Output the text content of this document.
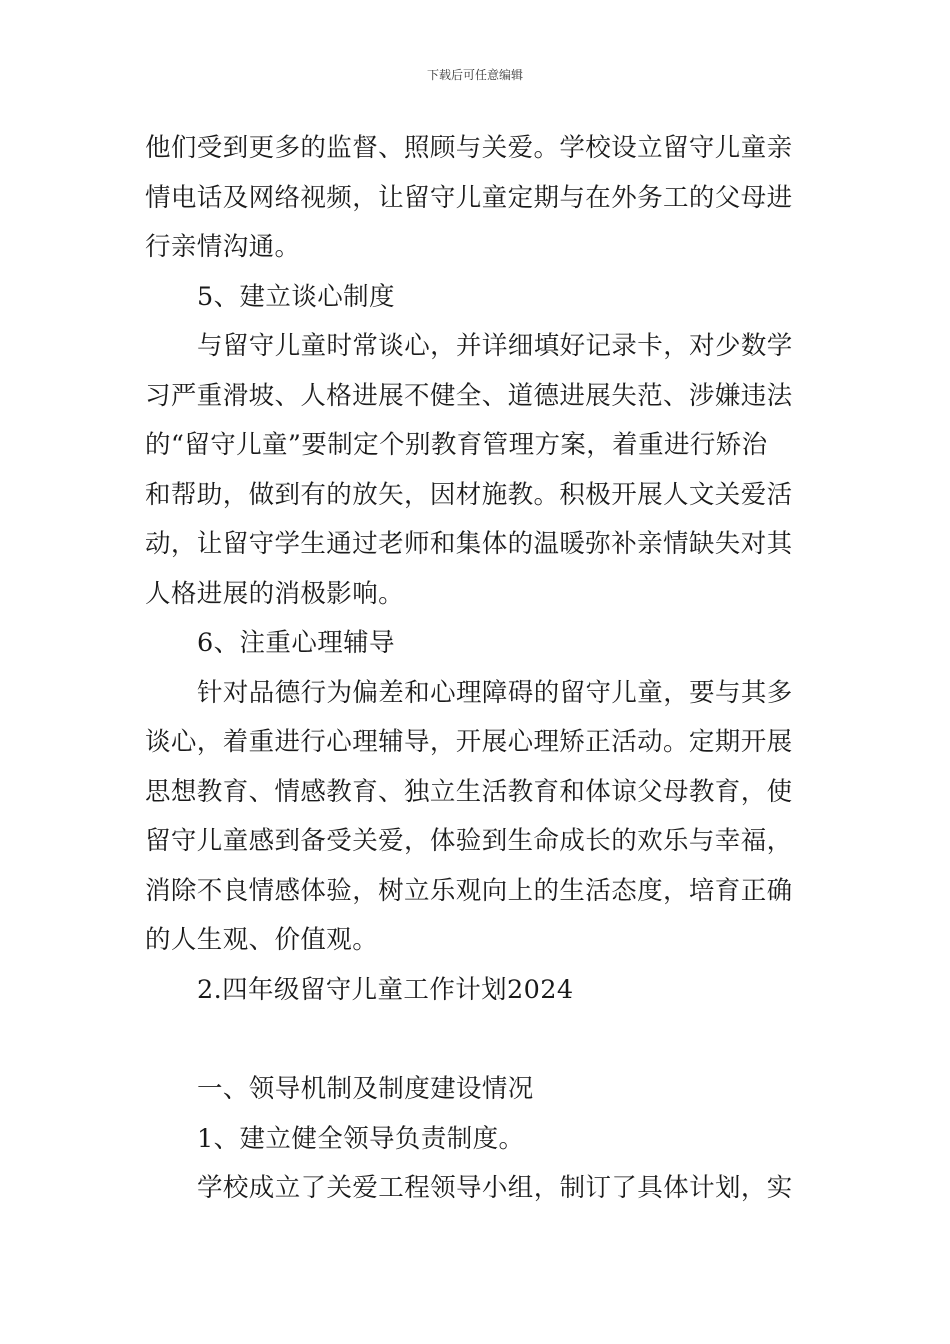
下载后可任意编辑
他们受到更多的监督、照顾与关爱。学校设立留守儿童亲
情电话及网络视频，让留守儿童定期与在外务工的父母进
行亲情沟通。
5、建立谈心制度
与留守儿童时常谈心，并详细填好记录卡，对少数学
习严重滑坡、人格进展不健全、道德进展失范、涉嫌违法
的“留守儿童”要制定个别教育管理方案，着重进行矫治
和帮助，做到有的放矢，因材施教。积极开展人文关爱活
动，让留守学生通过老师和集体的温暖弥补亲情缺失对其
人格进展的消极影响。
6、注重心理辅导
针对品德行为偏差和心理障碍的留守儿童，要与其多
谈心，着重进行心理辅导，开展心理矫正活动。定期开展
思想教育、情感教育、独立生活教育和体谅父母教育，使
留守儿童感到备受关爱，体验到生命成长的欢乐与幸福，
消除不良情感体验，树立乐观向上的生活态度，培育正确
的人生观、价值观。
2.四年级留守儿童工作计划2024
一、领导机制及制度建设情况
1、建立健全领导负责制度。
学校成立了关爱工程领导小组，制订了具体计划，实
